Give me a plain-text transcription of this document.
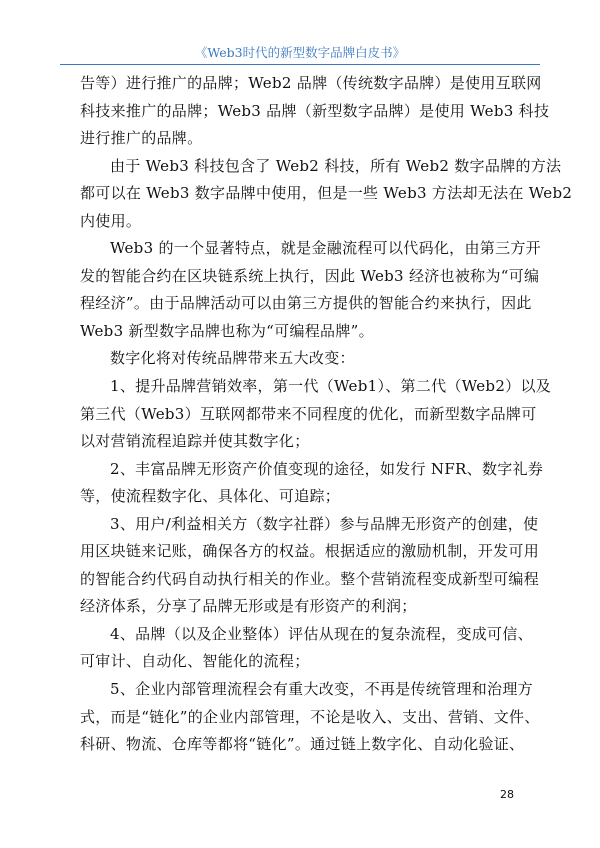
《Web3时代的新型数字品牌白皮书》
告等）进行推广的品牌；Web2 品牌（传统数字品牌）是使用互联网
科技来推广的品牌；Web3 品牌（新型数字品牌）是使用 Web3 科技
进行推广的品牌。
由于 Web3 科技包含了 Web2 科技，所有 Web2 数字品牌的方法
都可以在 Web3 数字品牌中使用，但是一些 Web3 方法却无法在 Web2
内使用。
Web3 的一个显著特点，就是金融流程可以代码化，由第三方开
发的智能合约在区块链系统上执行，因此 Web3 经济也被称为“可编
程经济”。由于品牌活动可以由第三方提供的智能合约来执行，因此
Web3 新型数字品牌也称为“可编程品牌”。
数字化将对传统品牌带来五大改变：
1、提升品牌营销效率，第一代（Web1）、第二代（Web2）以及
第三代（Web3）互联网都带来不同程度的优化，而新型数字品牌可
以对营销流程追踪并使其数字化；
2、丰富品牌无形资产价值变现的途径，如发行 NFR、数字礼券
等，使流程数字化、具体化、可追踪；
3、用户/利益相关方（数字社群）参与品牌无形资产的创建，使
用区块链来记账，确保各方的权益。根据适应的激励机制，开发可用
的智能合约代码自动执行相关的作业。整个营销流程变成新型可编程
经济体系，分享了品牌无形或是有形资产的利润；
4、品牌（以及企业整体）评估从现在的复杂流程，变成可信、
可审计、自动化、智能化的流程；
5、企业内部管理流程会有重大改变，不再是传统管理和治理方
式，而是“链化”的企业内部管理，不论是收入、支出、营销、文件、
科研、物流、仓库等都将“链化”。通过链上数字化、自动化验证、
28
